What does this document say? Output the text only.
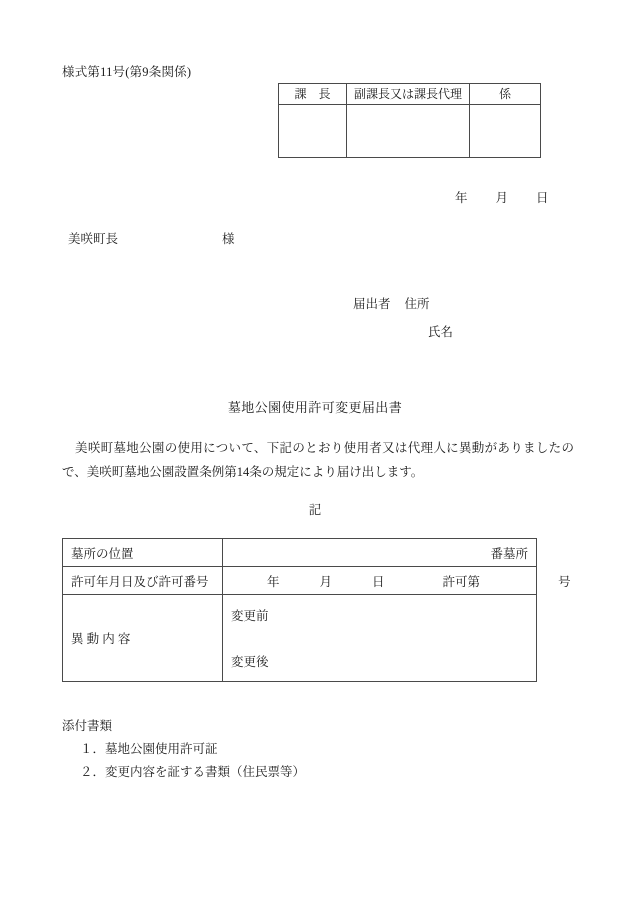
様式第11号(第9条関係)
課　長	副課長又は課長代理	係

年 月 日
美咲町長	様
届出者 住所
氏名
墓地公園使用許可変更届出書
美咲町墓地公園の使用について、下記のとおり使用者又は代理人に異動がありましたので、美咲町墓地公園設置条例第14条の規定により届け出します。
記
墓所の位置	番墓所
許可年月日及び許可番号	年 月 日 許可第 号
異 動 内 容	変更前
変更後
添付書類
１．墓地公園使用許可証
２．変更内容を証する書類（住民票等）
